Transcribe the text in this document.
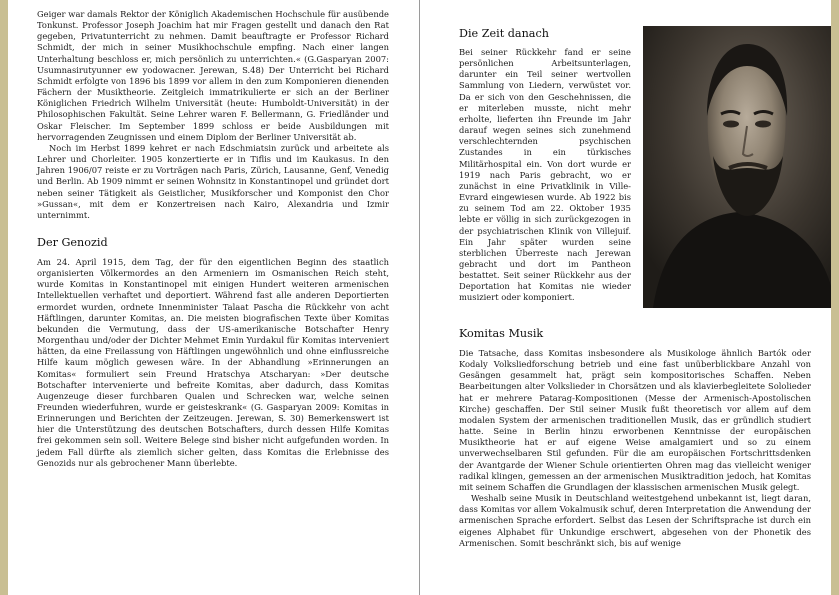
Geiger war damals Rektor der Königlich Akademischen Hochschule für ausübende Tonkunst. Professor Joseph Joachim hat mir Fragen gestellt und danach den Rat gegeben, Privatunterricht zu nehmen. Damit beauftragte er Professor Richard Schmidt, der mich in seiner Musikhochschule empfing. Nach einer langen Unterhaltung beschloss er, mich persönlich zu unterrichten.« (G.Gasparyan 2007: Usumnasirutyunner ew yodowacner. Jerewan, S.48) Der Unterricht bei Richard Schmidt erfolgte von 1896 bis 1899 vor allem in den zum Komponieren dienenden Fächern der Musiktheorie. Zeitgleich immatrikulierte er sich an der Berliner Königlichen Friedrich Wilhelm Universität (heute: Humboldt-Universität) in der Philosophischen Fakultät. Seine Lehrer waren F. Bellermann, G. Friedländer und Oskar Fleischer. Im September 1899 schloss er beide Ausbildungen mit hervorragenden Zeugnissen und einem Diplom der Berliner Universität ab.

Noch im Herbst 1899 kehret er nach Edschmiatsin zurück und arbeitete als Lehrer und Chorleiter. 1905 konzertierte er in Tiflis und im Kaukasus. In den Jahren 1906/07 reiste er zu Vorträgen nach Paris, Zürich, Lausanne, Genf, Venedig und Berlin. Ab 1909 nimmt er seinen Wohnsitz in Konstantinopel und gründet dort neben seiner Tätigkeit als Geistlicher, Musikforscher und Komponist den Chor »Gussan«, mit dem er Konzertreisen nach Kairo, Alexandria und Izmir unternimmt.

Der Genozid

Am 24. April 1915, dem Tag, der für den eigentlichen Beginn des staatlich organisierten Völkermordes an den Armeniern im Osmanischen Reich steht, wurde Komitas in Konstantinopel mit einigen Hundert weiteren armenischen Intellektuellen verhaftet und deportiert. Während fast alle anderen Deportierten ermordet wurden, ordnete Innenminister Talaat Pascha die Rückkehr von acht Häftlingen, darunter Komitas, an. Die meisten biografischen Texte über Komitas bekunden die Vermutung, dass der US-amerikanische Botschafter Henry Morgenthau und/oder der Dichter Mehmet Emin Yurdakul für Komitas interveniert hätten, da eine Freilassung von Häftlingen ungewöhnlich und ohne einflussreiche Hilfe kaum möglich gewesen wäre. In der Abhandlung »Erinnerungen an Komitas« formuliert sein Freund Hratschya Atscharyan: »Der deutsche Botschafter intervenierte und befreite Komitas, aber dadurch, dass Komitas Augenzeuge dieser furchbaren Qualen und Schrecken war, welche seinen Freunden wiederfuhren, wurde er geisteskrank« (G. Gasparyan 2009: Komitas in Erinnerungen und Berichten der Zeitzeugen. Jerewan, S. 30) Bemerkenswert ist hier die Unterstützung des deutschen Botschafters, durch dessen Hilfe Komitas frei gekommen sein soll. Weitere Belege sind bisher nicht aufgefunden worden. In jedem Fall dürfte als ziemlich sicher gelten, dass Komitas die Erlebnisse des Genozids nur als gebrochener Mann überlebte.

Die Zeit danach

Bei seiner Rückkehr fand er seine persönlichen Arbeitsunterlagen, darunter ein Teil seiner wertvollen Sammlung von Liedern, verwüstet vor. Da er sich von den Geschehnissen, die er miterleben musste, nicht mehr erholte, lieferten ihn Freunde im Jahr darauf wegen seines sich zunehmend verschlechternden psychischen Zustandes in ein türkisches Militärhospital ein. Von dort wurde er 1919 nach Paris gebracht, wo er zunächst in eine Privatklinik in Ville-Evrard eingewiesen wurde. Ab 1922 bis zu seinem Tod am 22. Oktober 1935 lebte er völlig in sich zurückgezogen in der psychiatrischen Klinik von Villejuif. Ein Jahr später wurden seine sterblichen Überreste nach Jerewan gebracht und dort im Pantheon bestattet. Seit seiner Rückkehr aus der Deportation hat Komitas nie wieder musiziert oder komponiert.

Komitas Musik

Die Tatsache, dass Komitas insbesondere als Musikologe ähnlich Bartók oder Kodaly Volksliedforschung betrieb und eine fast unüberblickbare Anzahl von Gesängen gesammelt hat, prägt sein kompositorisches Schaffen. Neben Bearbeitungen alter Volkslieder in Chorsätzen und als klavierbegleitete Sololieder hat er mehrere Patarag-Kompositionen (Messe der Armenisch-Apostolischen Kirche) geschaffen. Der Stil seiner Musik fußt theoretisch vor allem auf dem modalen System der armenischen traditionellen Musik, das er gründlich studiert hatte. Seine in Berlin hinzu erworbenen Kenntnisse der europäischen Musiktheorie hat er auf eigene Weise amalgamiert und so zu einem unverwechselbaren Stil gefunden. Für die am europäischen Fortschrittsdenken der Avantgarde der Wiener Schule orientierten Ohren mag das vielleicht weniger radikal klingen, gemessen an der armenischen Musiktradition jedoch, hat Komitas mit seinem Schaffen die Grundlagen der klassischen armenischen Musik gelegt.

Weshalb seine Musik in Deutschland weitestgehend unbekannt ist, liegt daran, dass Komitas vor allem Vokalmusik schuf, deren Interpretation die Anwendung der armenischen Sprache erfordert. Selbst das Lesen der Schriftsprache ist durch ein eigenes Alphabet für Unkundige erschwert, abgesehen von der Phonetik des Armenischen. Somit beschränkt sich, bis auf wenige
